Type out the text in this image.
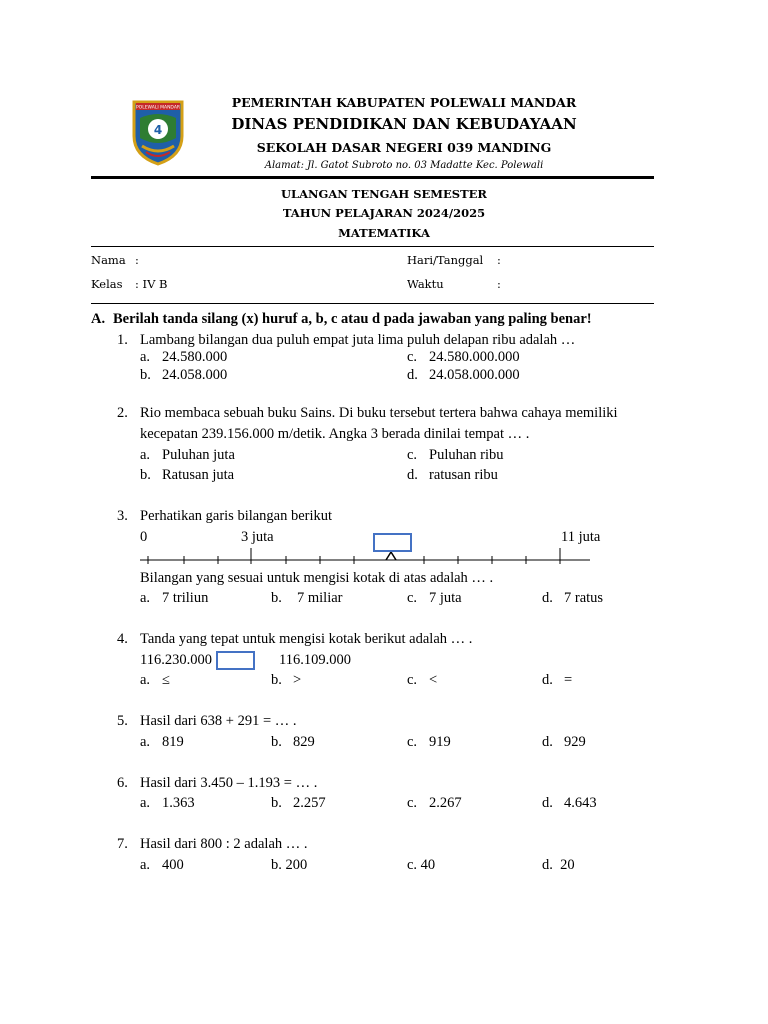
POLEWALI MANDAR
4
PEMERINTAH KABUPATEN POLEWALI MANDAR
DINAS PENDIDIKAN DAN KEBUDAYAAN
SEKOLAH DASAR NEGERI 039 MANDING
Alamat: Jl. Gatot Subroto no. 03 Madatte Kec. Polewali
ULANGAN TENGAH SEMESTER
TAHUN PELAJARAN 2024/2025
MATEMATIKA
Nama :	Hari/Tanggal :
Kelas : IV B	Waktu	:
A. Berilah tanda silang (x) huruf a, b, c atau d pada jawaban yang paling benar!
1. Lambang bilangan dua puluh empat juta lima puluh delapan ribu adalah …
a. 24.580.000
b. 24.058.000
c. 24.580.000.000
d. 24.058.000.000
2. Rio membaca sebuah buku Sains. Di buku tersebut tertera bahwa cahaya memiliki
kecepatan 239.156.000 m/detik. Angka 3 berada dinilai tempat … .
a. Puluhan juta
b. Ratusan juta
c. Puluhan ribu
d. ratusan ribu
3. Perhatikan garis bilangan berikut
0	3 juta	11 juta
Bilangan yang sesuai untuk mengisi kotak di atas adalah … .
a. 7 triliun	b. 7 miliar	c. 7 juta	d. 7 ratus
4. Tanda yang tepat untuk mengisi kotak berikut adalah … .
116.230.000	116.109.000
a. ≤	b. >	c. <	d. =
5. Hasil dari 638 + 291 = … .
a. 819	b. 829	c. 919	d. 929
6. Hasil dari 3.450 – 1.193 = … .
a. 1.363	b. 2.257	c. 2.267	d. 4.643
7. Hasil dari 800 : 2 adalah … .
a. 400	b. 200	c. 40	d.  20
